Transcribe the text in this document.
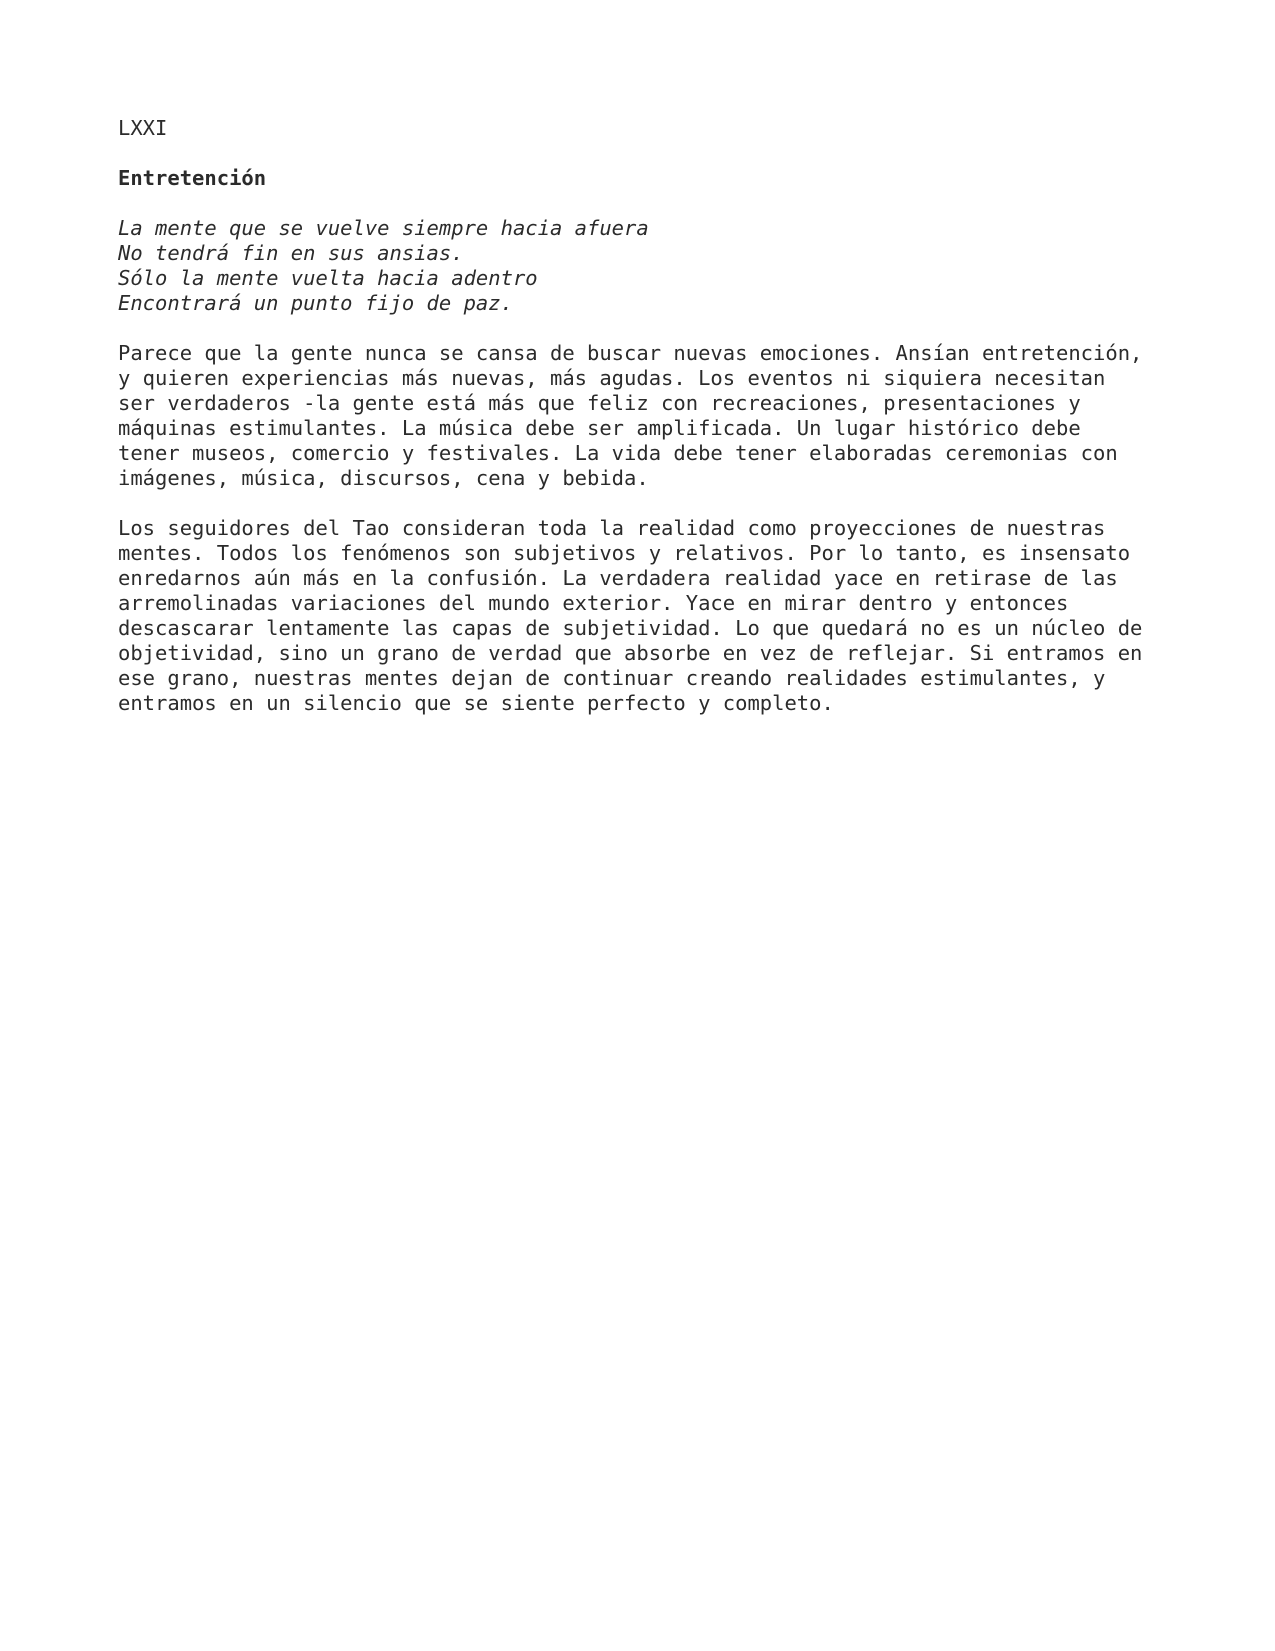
LXXI
Entretención
La mente que se vuelve siempre hacia afuera
No tendrá fin en sus ansias.
Sólo la mente vuelta hacia adentro
Encontrará un punto fijo de paz.
Parece que la gente nunca se cansa de buscar nuevas emociones. Ansían entretención,
y quieren experiencias más nuevas, más agudas. Los eventos ni siquiera necesitan
ser verdaderos -la gente está más que feliz con recreaciones, presentaciones y
máquinas estimulantes. La música debe ser amplificada. Un lugar histórico debe
tener museos, comercio y festivales. La vida debe tener elaboradas ceremonias con
imágenes, música, discursos, cena y bebida.
Los seguidores del Tao consideran toda la realidad como proyecciones de nuestras
mentes. Todos los fenómenos son subjetivos y relativos. Por lo tanto, es insensato
enredarnos aún más en la confusión. La verdadera realidad yace en retirase de las
arremolinadas variaciones del mundo exterior. Yace en mirar dentro y entonces
descascarar lentamente las capas de subjetividad. Lo que quedará no es un núcleo de
objetividad, sino un grano de verdad que absorbe en vez de reflejar. Si entramos en
ese grano, nuestras mentes dejan de continuar creando realidades estimulantes, y
entramos en un silencio que se siente perfecto y completo.
